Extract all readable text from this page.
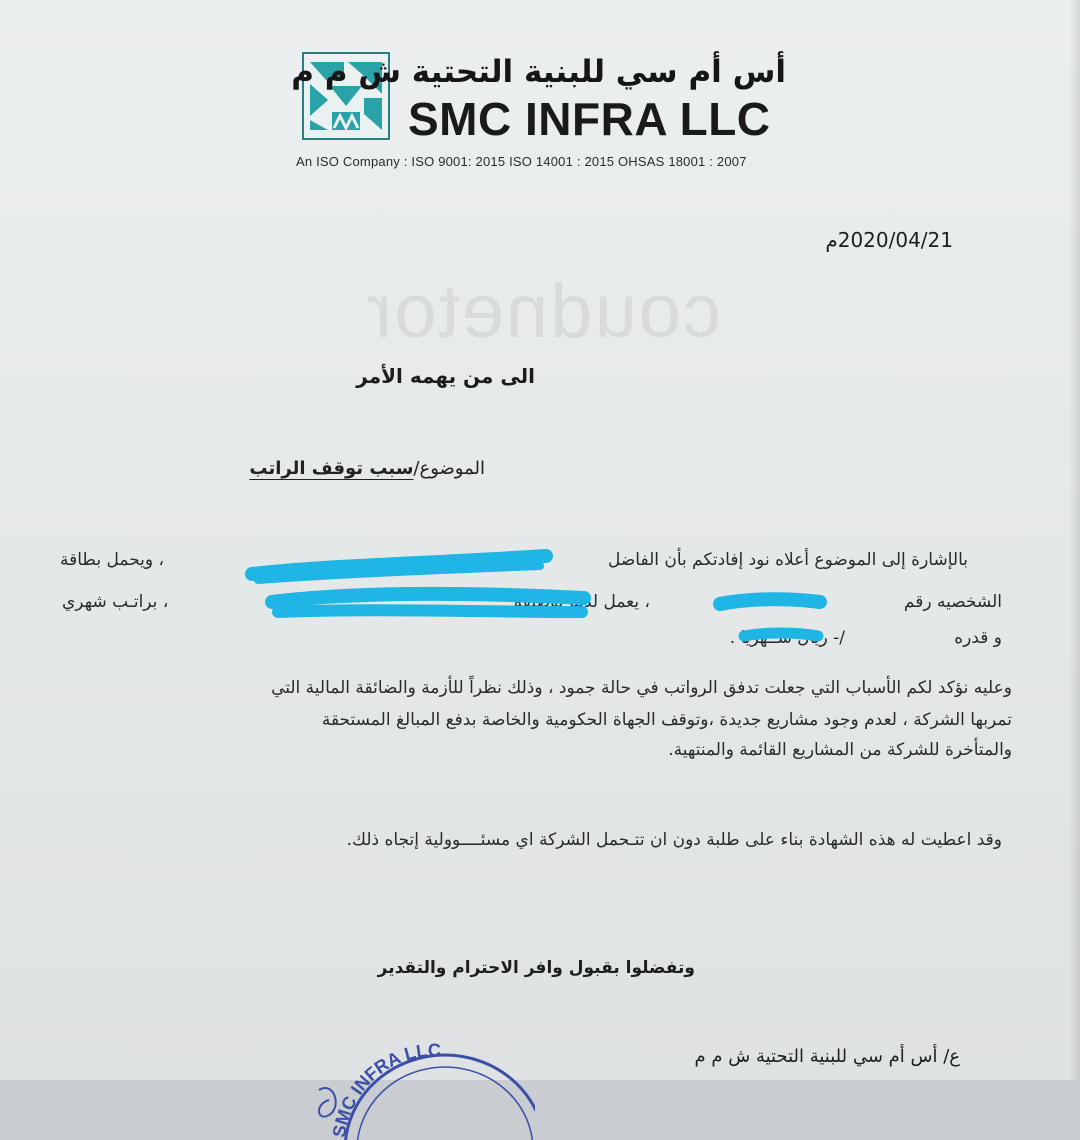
أس أم سي للبنية التحتية ش م م
SMC INFRA LLC
An ISO Company : ISO 9001: 2015 ISO 14001 : 2015 OHSAS 18001 : 2007
2020/04/21م
coudnetor
الى من يهمه الأمر
الموضوع/سبب توقف الراتب
بالإشارة إلى الموضوع أعلاه نود إفادتكم بأن الفاضل
، ويحمل بطاقة
الشخصيه رقم
، يعمل لدينا بوظيفة
، براتـب شهري
و قدره
/- ريال شــهريا .
وعليه نؤكد لكم الأسباب التي جعلت تدفق الرواتب في حالة جمود ، وذلك نظراً للأزمة والضائقة المالية التي
تمربها الشركة ، لعدم وجود مشاريع جديدة ،وتوقف الجهاة الحكومية والخاصة بدفع المبالغ المستحقة
والمتأخرة للشركة من المشاريع القائمة والمنتهية.
وقد اعطيت له هذه الشهادة بناء على طلبة دون ان تتـحمل الشركة اي مسئــــوولية إتجاه ذلك.
وتفضلوا بقبول وافر الاحترام والتقدير
SMC INFRA LLC	ع/ أس أم سي للبنية التحتية ش م م
